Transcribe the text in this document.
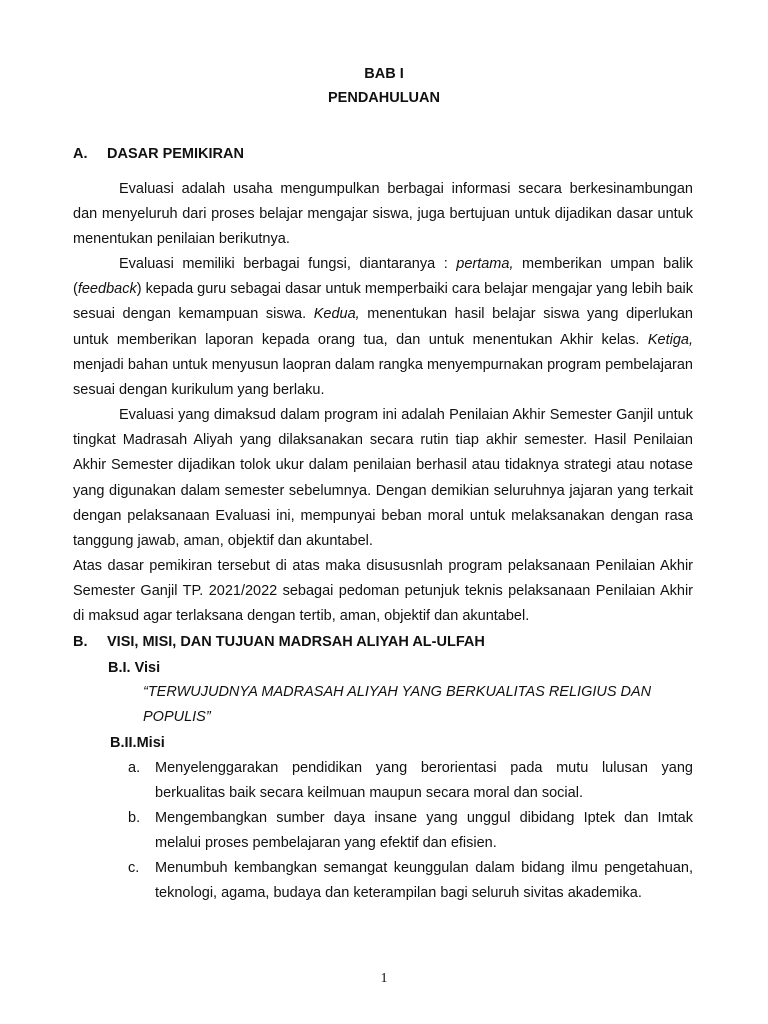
BAB I
PENDAHULUAN
A. DASAR PEMIKIRAN

Evaluasi adalah usaha mengumpulkan berbagai informasi secara berkesinambungan dan menyeluruh dari proses belajar mengajar siswa, juga bertujuan untuk dijadikan dasar untuk menentukan penilaian berikutnya.

Evaluasi memiliki berbagai fungsi, diantaranya : pertama, memberikan umpan balik (feedback) kepada guru sebagai dasar untuk memperbaiki cara belajar mengajar yang lebih baik sesuai dengan kemampuan siswa. Kedua, menentukan hasil belajar siswa yang diperlukan untuk memberikan laporan kepada orang tua, dan untuk menentukan Akhir kelas. Ketiga, menjadi bahan untuk menyusun laopran dalam rangka menyempurnakan program pembelajaran sesuai dengan kurikulum yang berlaku.

Evaluasi yang dimaksud dalam program ini adalah Penilaian Akhir Semester Ganjil untuk tingkat Madrasah Aliyah yang dilaksanakan secara rutin tiap akhir semester. Hasil Penilaian Akhir Semester dijadikan tolok ukur dalam penilaian berhasil atau tidaknya strategi atau notase yang digunakan dalam semester sebelumnya. Dengan demikian seluruhnya jajaran yang terkait dengan pelaksanaan Evaluasi ini, mempunyai beban moral untuk melaksanakan dengan rasa tanggung jawab, aman, objektif dan akuntabel.

Atas dasar pemikiran tersebut di atas maka disususnlah program pelaksanaan Penilaian Akhir Semester Ganjil TP. 2021/2022 sebagai pedoman petunjuk teknis pelaksanaan Penilaian Akhir di maksud agar terlaksana dengan tertib, aman, objektif dan akuntabel.

B. VISI, MISI, DAN TUJUAN MADRSAH ALIYAH AL-ULFAH
B.I. Visi

“TERWUJUDNYA MADRASAH ALIYAH YANG BERKUALITAS RELIGIUS DAN POPULIS”

B.II.Misi
a. Menyelenggarakan pendidikan yang berorientasi pada mutu lulusan yang berkualitas baik secara keilmuan maupun secara moral dan social.

b. Mengembangkan sumber daya insane yang unggul dibidang Iptek dan Imtak melalui proses pembelajaran yang efektif dan efisien.

c. Menumbuh kembangkan semangat keunggulan dalam bidang ilmu pengetahuan, teknologi, agama, budaya dan keterampilan bagi seluruh sivitas akademika.

1
